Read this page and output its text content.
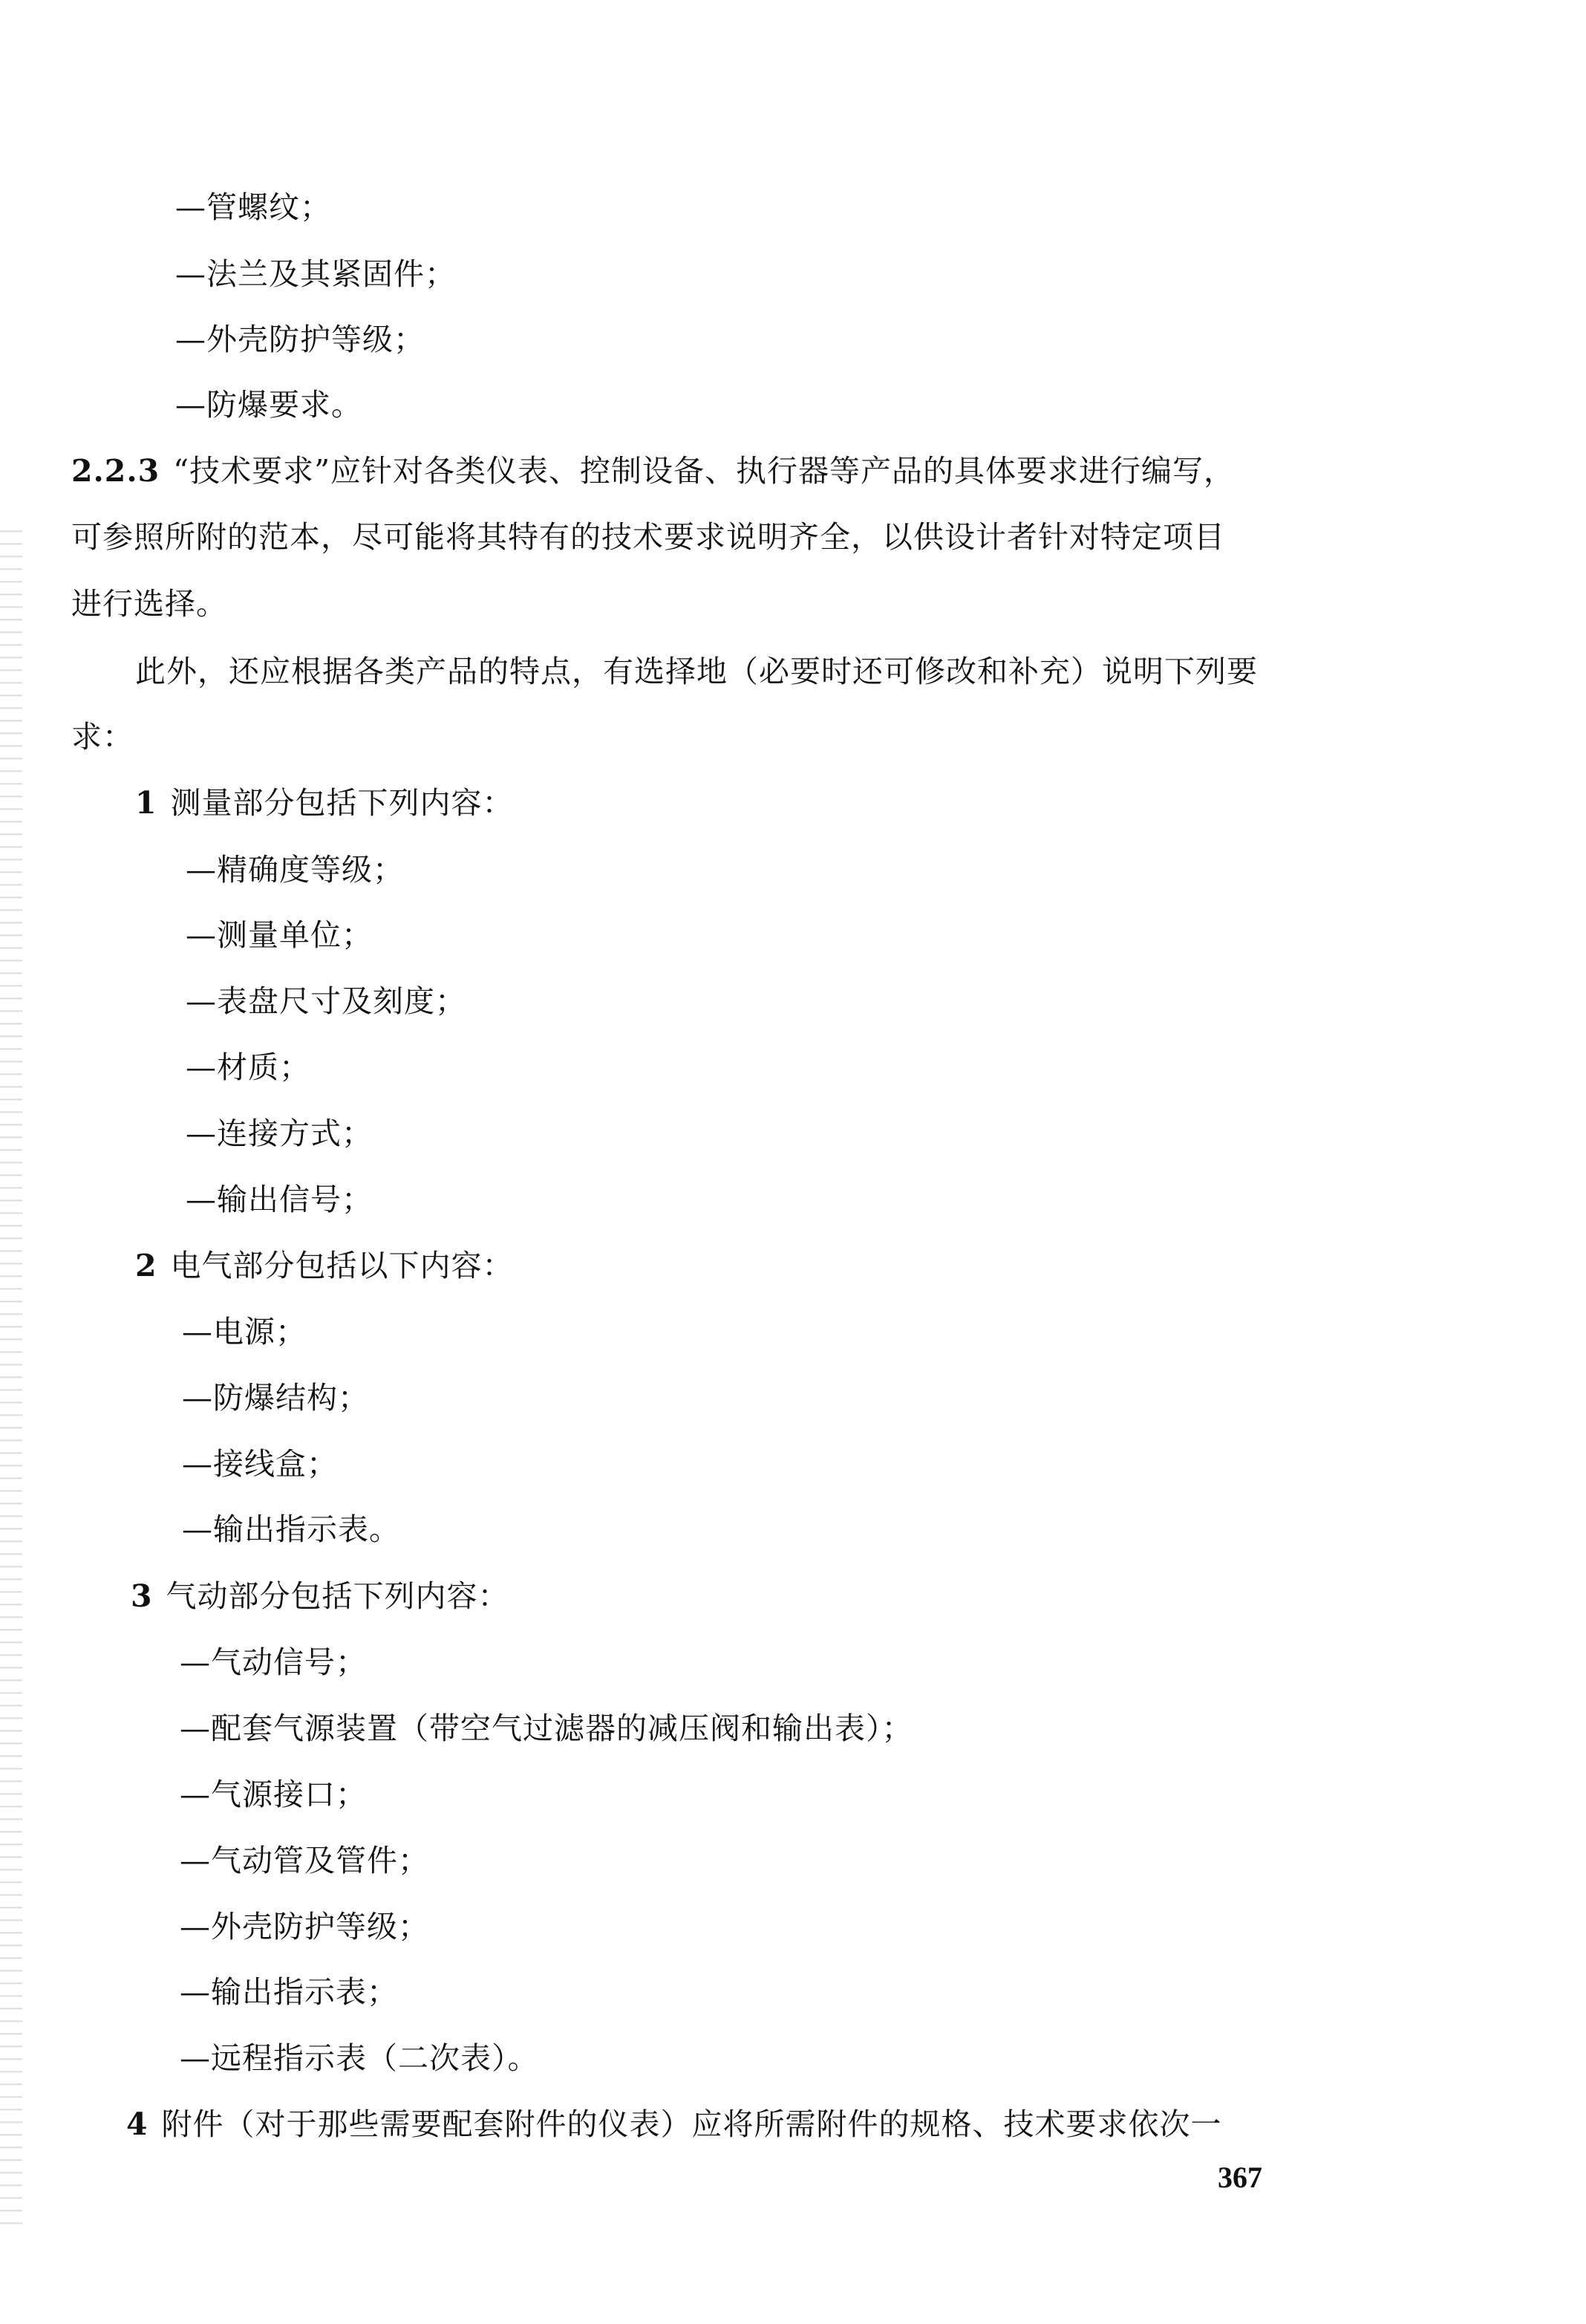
—管螺纹；
—法兰及其紧固件；
—外壳防护等级；
—防爆要求。
2.2.3 “技术要求”应针对各类仪表、控制设备、执行器等产品的具体要求进行编写，
可参照所附的范本，尽可能将其特有的技术要求说明齐全，以供设计者针对特定项目
进行选择。
此外，还应根据各类产品的特点，有选择地（必要时还可修改和补充）说明下列要
求：
1 测量部分包括下列内容：
—精确度等级；
—测量单位；
—表盘尺寸及刻度；
—材质；
—连接方式；
—输出信号；
2 电气部分包括以下内容：
—电源；
—防爆结构；
—接线盒；
—输出指示表。
3 气动部分包括下列内容：
—气动信号；
—配套气源装置（带空气过滤器的减压阀和输出表）；
—气源接口；
—气动管及管件；
—外壳防护等级；
—输出指示表；
—远程指示表（二次表）。
4 附件（对于那些需要配套附件的仪表）应将所需附件的规格、技术要求依次一
367
